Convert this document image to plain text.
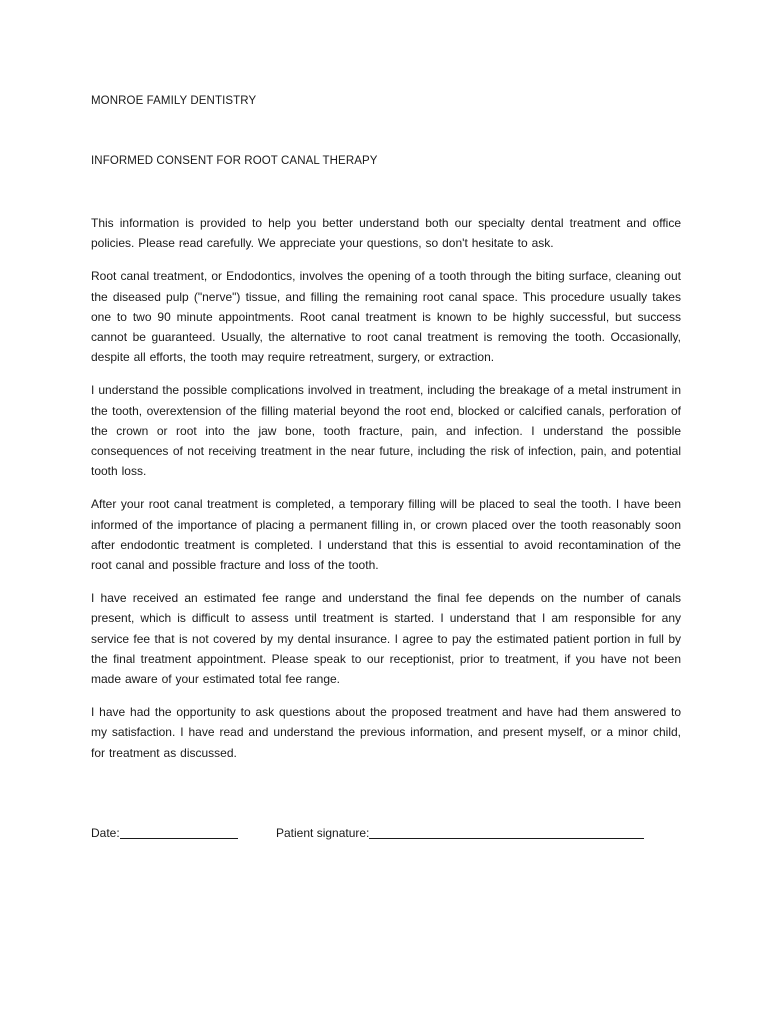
MONROE FAMILY DENTISTRY
INFORMED CONSENT FOR ROOT CANAL THERAPY

This information is provided to help you better understand both our specialty dental treatment and office policies. Please read carefully. We appreciate your questions, so don't hesitate to ask.

Root canal treatment, or Endodontics, involves the opening of a tooth through the biting surface, cleaning out the diseased pulp ("nerve") tissue, and filling the remaining root canal space. This procedure usually takes one to two 90 minute appointments. Root canal treatment is known to be highly successful, but success cannot be guaranteed. Usually, the alternative to root canal treatment is removing the tooth. Occasionally, despite all efforts, the tooth may require retreatment, surgery, or extraction.

I understand the possible complications involved in treatment, including the breakage of a metal instrument in the tooth, overextension of the filling material beyond the root end, blocked or calcified canals, perforation of the crown or root into the jaw bone, tooth fracture, pain, and infection. I understand the possible consequences of not receiving treatment in the near future, including the risk of infection, pain, and potential tooth loss.

After your root canal treatment is completed, a temporary filling will be placed to seal the tooth. I have been informed of the importance of placing a permanent filling in, or crown placed over the tooth reasonably soon after endodontic treatment is completed. I understand that this is essential to avoid recontamination of the root canal and possible fracture and loss of the tooth.

I have received an estimated fee range and understand the final fee depends on the number of canals present, which is difficult to assess until treatment is started. I understand that I am responsible for any service fee that is not covered by my dental insurance. I agree to pay the estimated patient portion in full by the final treatment appointment. Please speak to our receptionist, prior to treatment, if you have not been made aware of your estimated total fee range.

I have had the opportunity to ask questions about the proposed treatment and have had them answered to my satisfaction. I have read and understand the previous information, and present myself, or a minor child, for treatment as discussed.

Date:	Patient signature:
